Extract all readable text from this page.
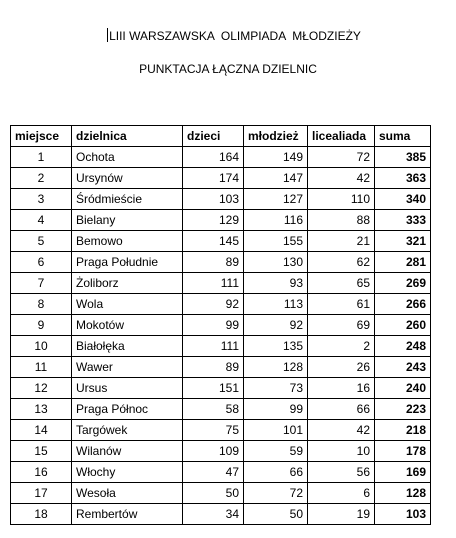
LIII WARSZAWSKA  OLIMPIADA  MŁODZIEŻY
PUNKTACJA ŁĄCZNA DZIELNIC
miejsce	dzielnica	dzieci	młodzież	licealiada	suma
1	Ochota	164	149	72	385
2	Ursynów	174	147	42	363
3	Śródmieście	103	127	110	340
4	Bielany	129	116	88	333
5	Bemowo	145	155	21	321
6	Praga Południe	89	130	62	281
7	Żoliborz	111	93	65	269
8	Wola	92	113	61	266
9	Mokotów	99	92	69	260
10	Białołęka	111	135	2	248
11	Wawer	89	128	26	243
12	Ursus	151	73	16	240
13	Praga Północ	58	99	66	223
14	Targówek	75	101	42	218
15	Wilanów	109	59	10	178
16	Włochy	47	66	56	169
17	Wesoła	50	72	6	128
18	Rembertów	34	50	19	103
